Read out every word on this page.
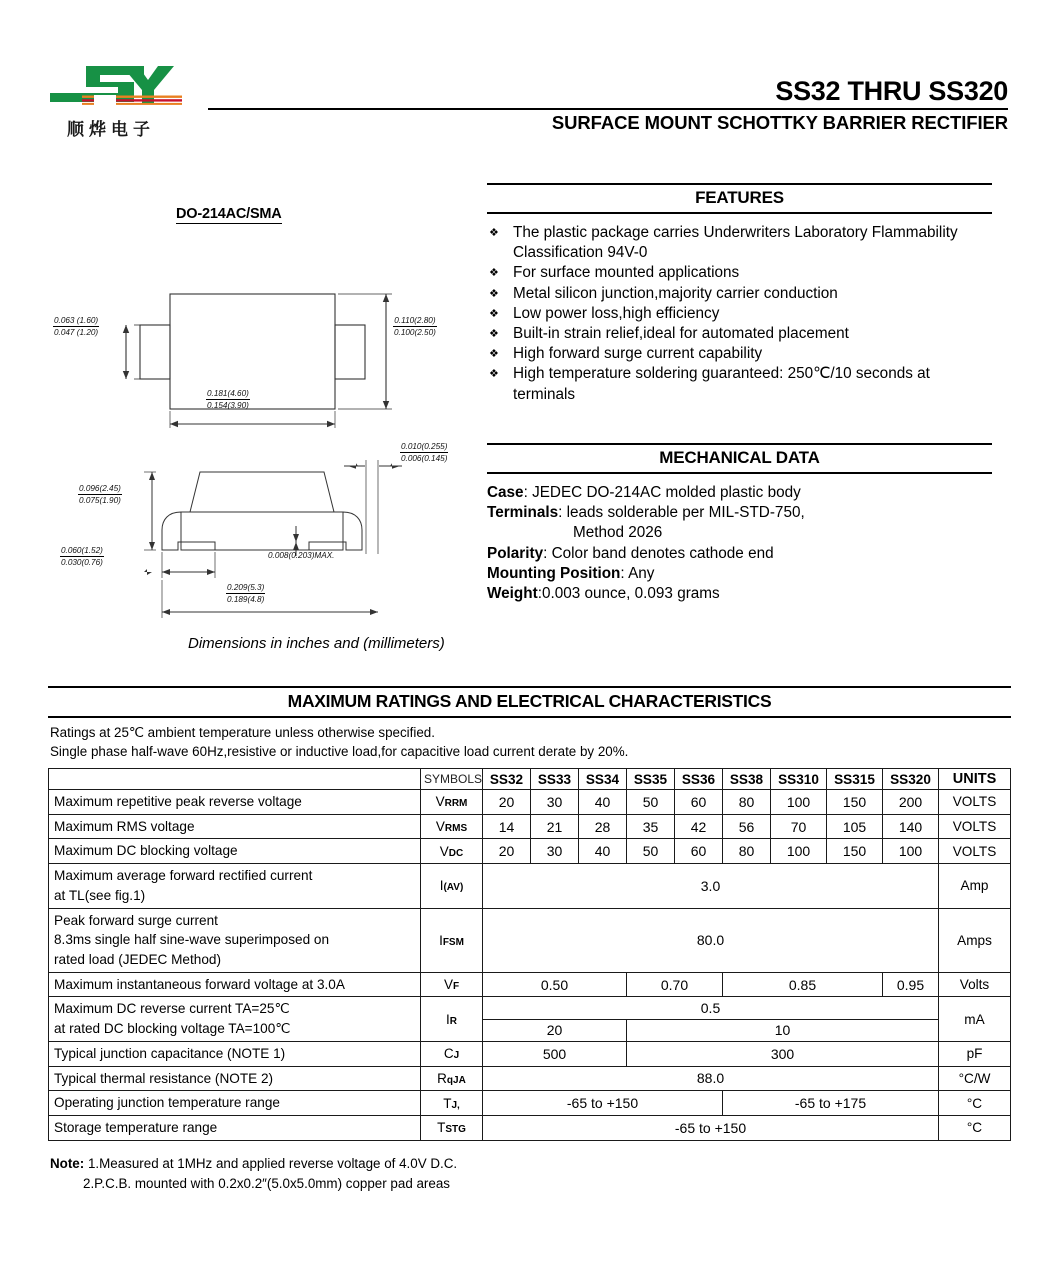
顺烨电子
SS32 THRU SS320
SURFACE MOUNT SCHOTTKY BARRIER RECTIFIER
DO-214AC/SMA
0.063 (1.60)
0.047 (1.20)
0.110(2.80)
0.100(2.50)
0.181(4.60)
0.154(3.90)
0.010(0.255)
0.006(0.145)
0.096(2.45)
0.075(1.90)
0.060(1.52)
0.030(0.76)
0.008(0.203)MAX.
0.209(5.3)
0.189(4.8)
Dimensions in inches and (millimeters)
FEATURES
❖ The plastic package carries Underwriters Laboratory Flammability Classification 94V-0
❖ For surface mounted applications
❖ Metal silicon junction,majority carrier conduction
❖ Low power loss,high efficiency
❖ Built-in strain relief,ideal for automated placement
❖ High forward surge current capability
❖ High temperature soldering guaranteed: 250℃/10 seconds at terminals
MECHANICAL DATA
Case: JEDEC DO-214AC molded plastic body
Terminals: leads solderable per MIL-STD-750,
Method 2026
Polarity: Color band denotes cathode end
Mounting Position: Any
Weight:0.003 ounce, 0.093 grams
MAXIMUM RATINGS AND ELECTRICAL CHARACTERISTICS
Ratings at 25℃ ambient temperature unless otherwise specified.
Single phase half-wave 60Hz,resistive or inductive load,for capacitive load current derate by 20%.
	SYMBOLS	SS32	SS33	SS34	SS35	SS36	SS38	SS310	SS315	SS320	UNITS
Maximum repetitive peak reverse voltage	VRRM	20	30	40	50	60	80	100	150	200	VOLTS
Maximum RMS voltage	VRMS	14	21	28	35	42	56	70	105	140	VOLTS
Maximum DC blocking voltage	VDC	20	30	40	50	60	80	100	150	100	VOLTS

Maximum average forward rectified current
at TL(see fig.1)	I(AV)	3.0									Amp

Peak forward surge current
8.3ms single half sine-wave superimposed on
rated load (JEDEC Method)	IFSM	80.0									Amps
Maximum instantaneous forward voltage at 3.0A	VF	0.50			0.70		0.85			0.95	Volts

Maximum DC reverse current TA=25℃
at rated DC blocking voltage TA=100℃	IR	0.5									mA
		20			10						
Typical junction capacitance (NOTE 1)	CJ	500			300						pF
Typical thermal resistance (NOTE 2)	RqJA	88.0									°C/W
Operating junction temperature range	TJ,	-65 to +150					-65 to +175				°C
Storage temperature range	TSTG	-65 to +150									°C
Note: 1.Measured at 1MHz and applied reverse voltage of 4.0V D.C.
2.P.C.B. mounted with 0.2x0.2″(5.0x5.0mm) copper pad areas
